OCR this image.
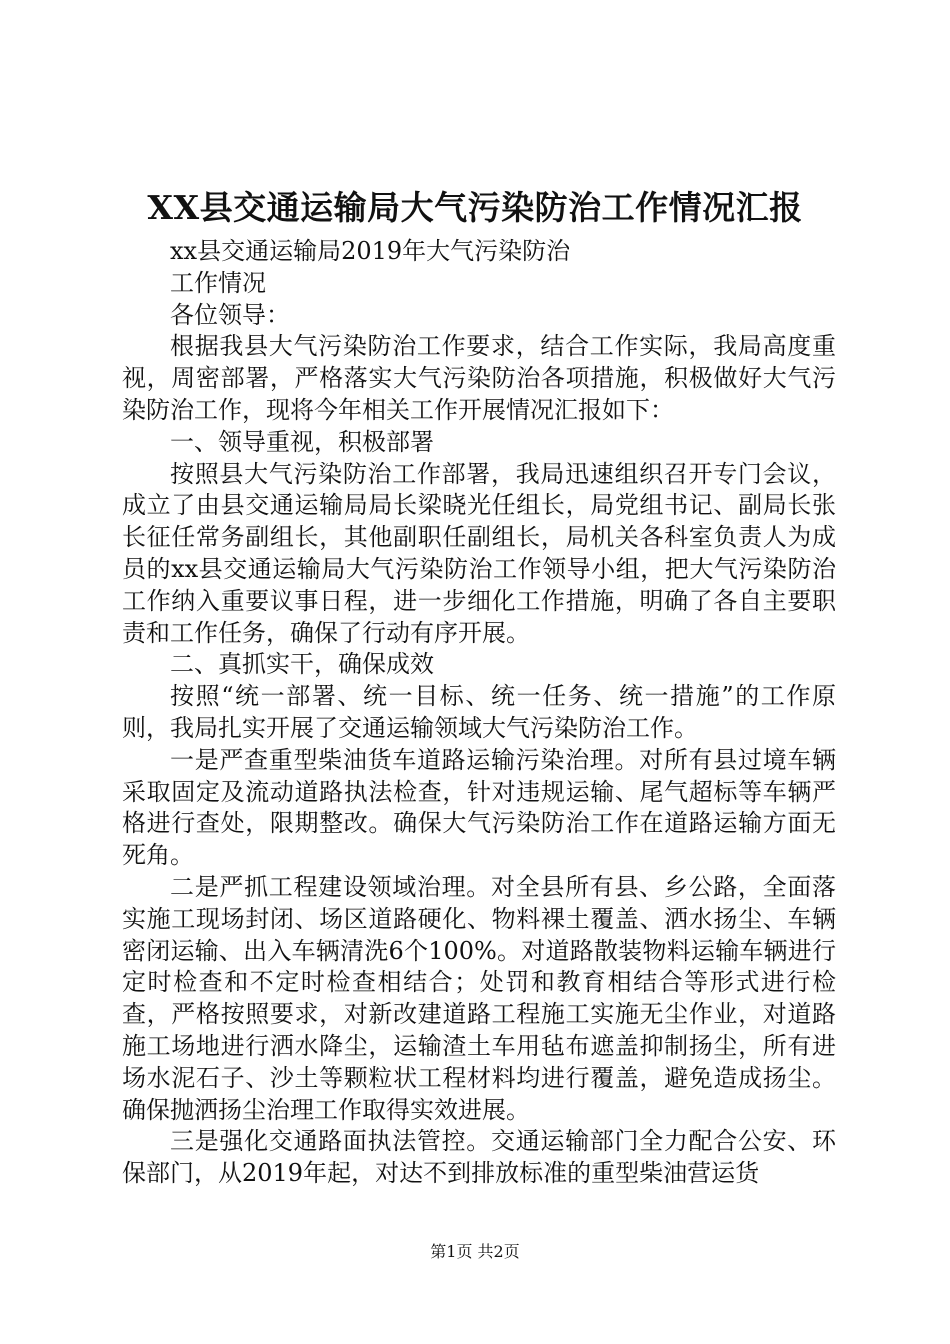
XX县交通运输局大气污染防治工作情况汇报

xx县交通运输局2019年大气污染防治

工作情况

各位领导：

根据我县大气污染防治工作要求，结合工作实际，我局高度重视，周密部署，严格落实大气污染防治各项措施，积极做好大气污染防治工作，现将今年相关工作开展情况汇报如下：

一、领导重视，积极部署

按照县大气污染防治工作部署，我局迅速组织召开专门会议，成立了由县交通运输局局长梁晓光任组长，局党组书记、副局长张长征任常务副组长，其他副职任副组长，局机关各科室负责人为成员的xx县交通运输局大气污染防治工作领导小组，把大气污染防治工作纳入重要议事日程，进一步细化工作措施，明确了各自主要职责和工作任务，确保了行动有序开展。

二、真抓实干，确保成效

按照“统一部署、统一目标、统一任务、统一措施”的工作原则，我局扎实开展了交通运输领域大气污染防治工作。

一是严查重型柴油货车道路运输污染治理。对所有县过境车辆采取固定及流动道路执法检查，针对违规运输、尾气超标等车辆严格进行查处，限期整改。确保大气污染防治工作在道路运输方面无死角。

二是严抓工程建设领域治理。对全县所有县、乡公路，全面落实施工现场封闭、场区道路硬化、物料裸土覆盖、洒水扬尘、车辆密闭运输、出入车辆清洗6个100%。对道路散装物料运输车辆进行定时检查和不定时检查相结合；处罚和教育相结合等形式进行检查，严格按照要求，对新改建道路工程施工实施无尘作业，对道路施工场地进行洒水降尘，运输渣土车用毡布遮盖抑制扬尘，所有进场水泥石子、沙土等颗粒状工程材料均进行覆盖，避免造成扬尘。确保抛洒扬尘治理工作取得实效进展。

三是强化交通路面执法管控。交通运输部门全力配合公安、环保部门，从2019年起，对达不到排放标准的重型柴油营运货

第1页 共2页
